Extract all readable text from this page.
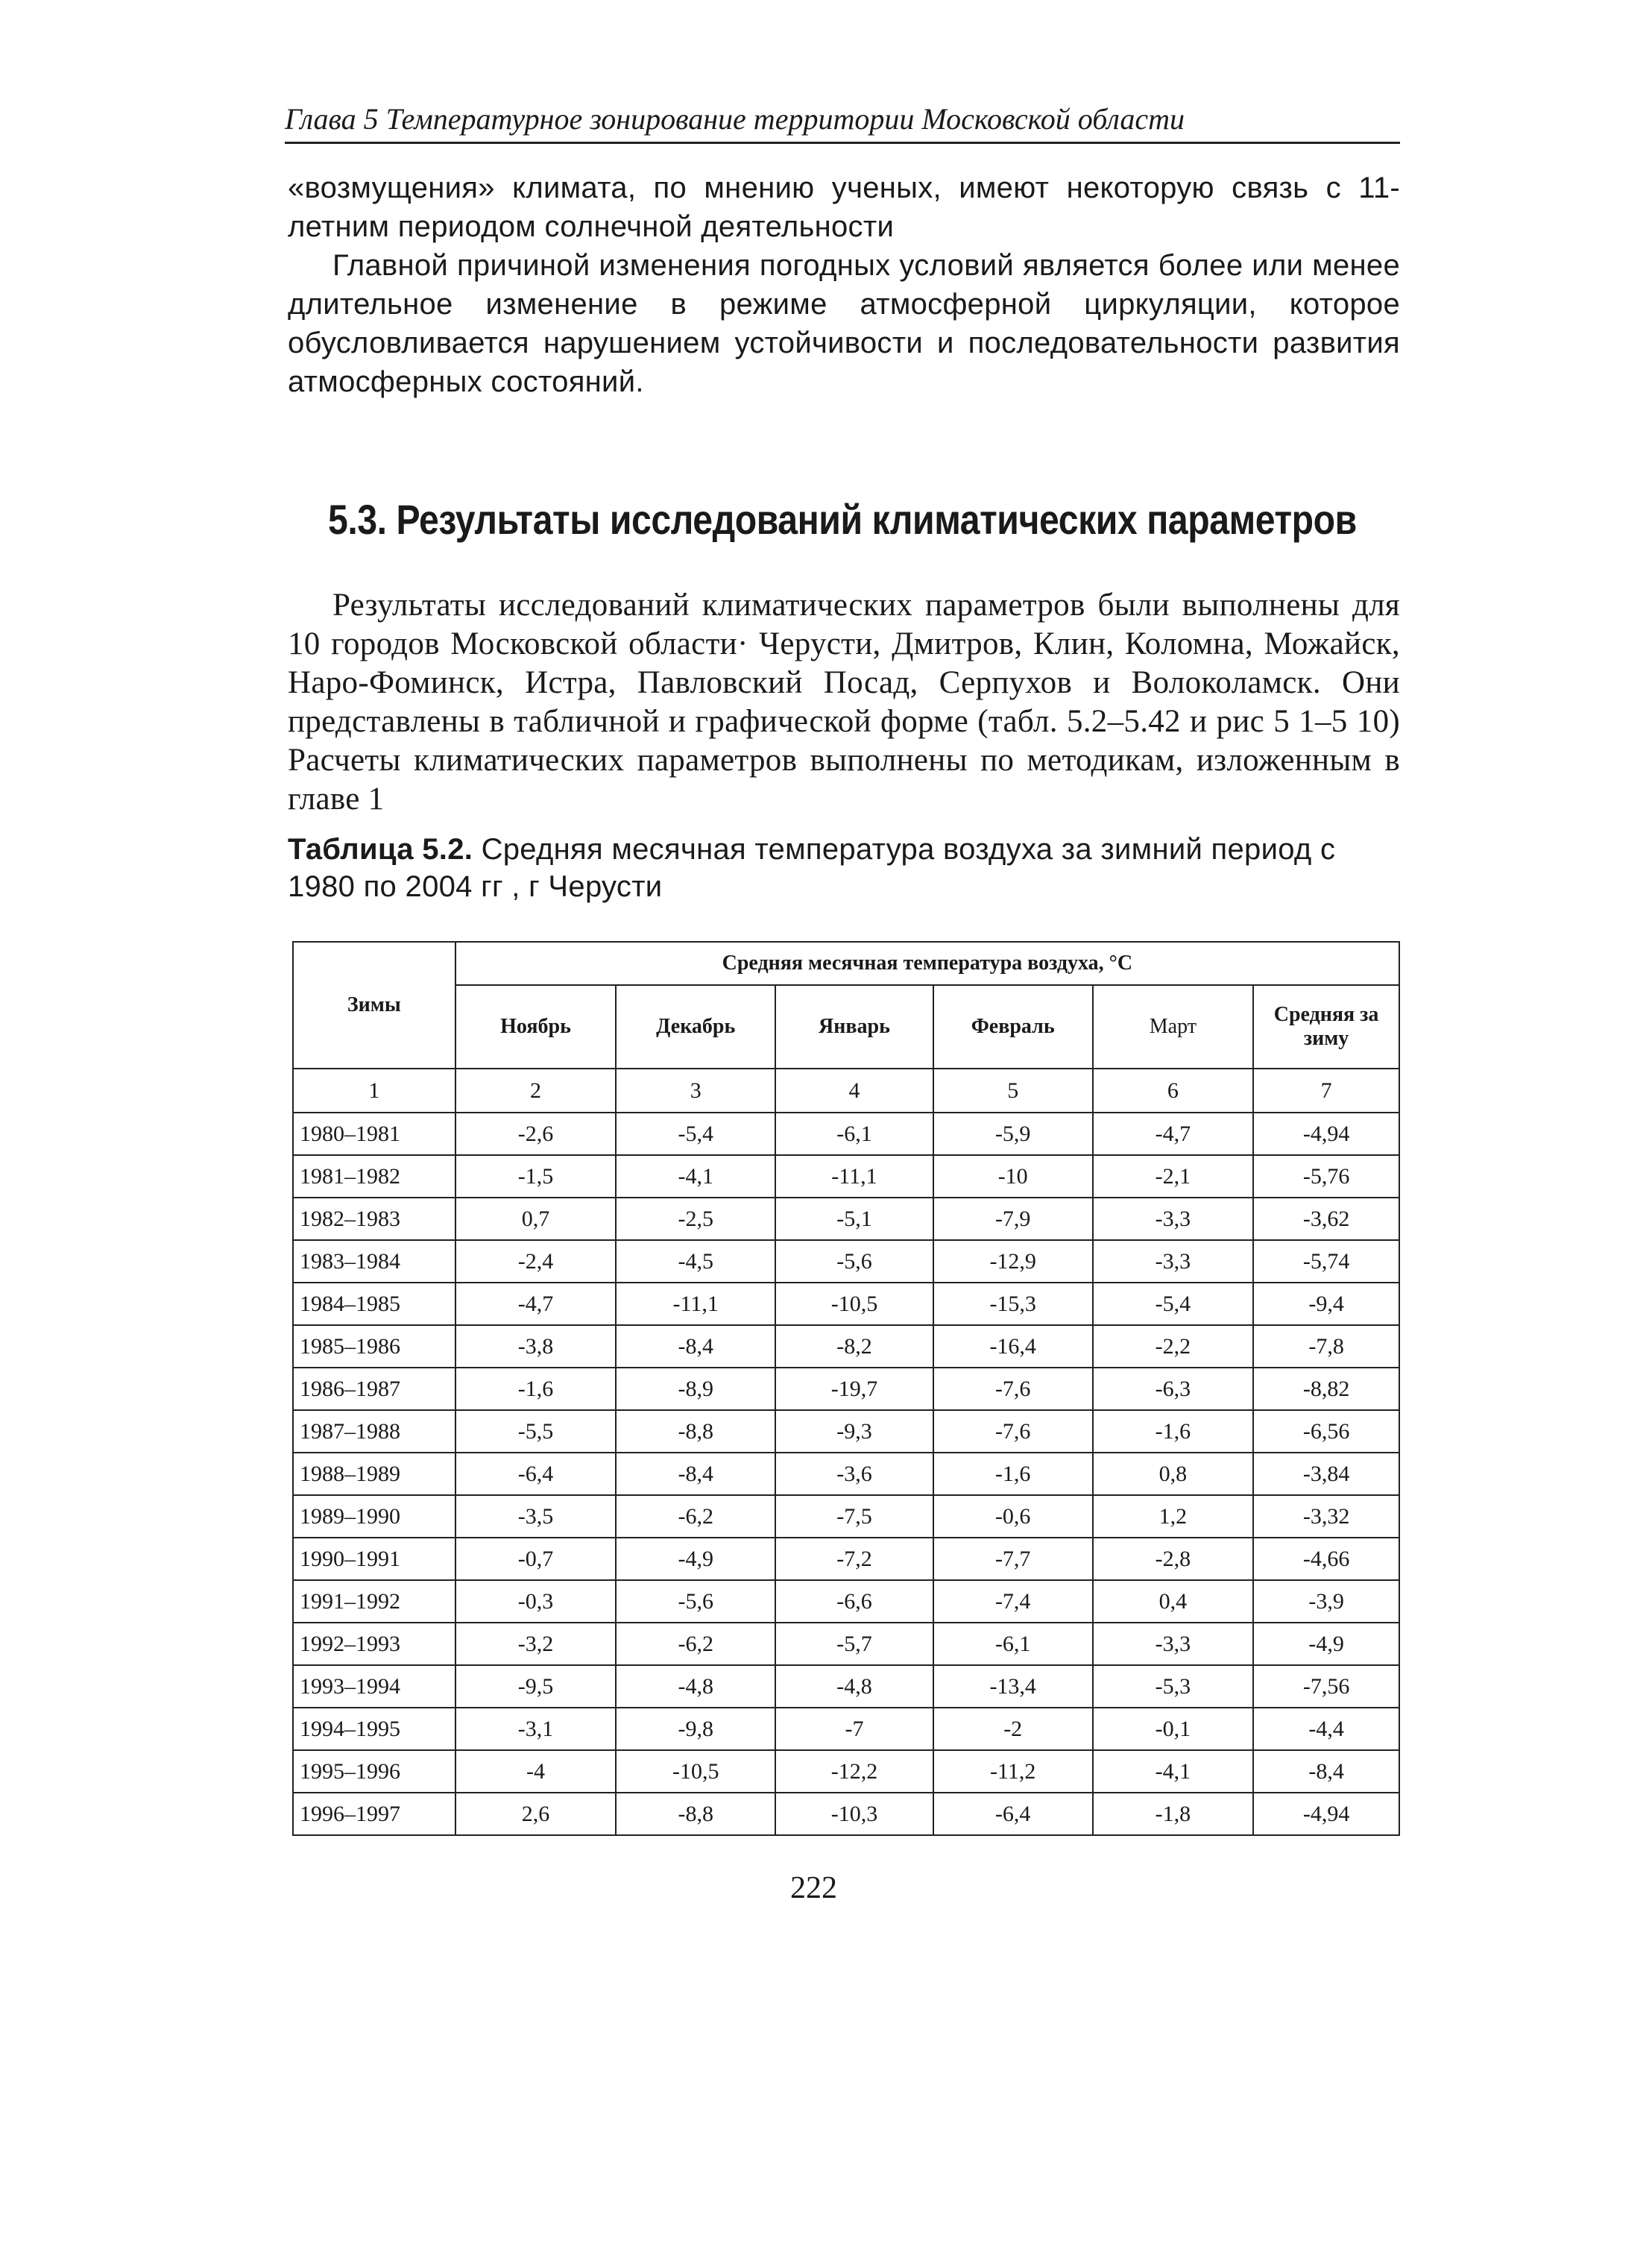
Глава 5 Температурное зонирование территории Московской области

«возмущения» климата, по мнению ученых, имеют некоторую связь с 11-летним периодом солнечной деятельности

Главной причиной изменения погодных условий является более или менее длительное изменение в режиме атмосферной циркуляции, которое обусловливается нарушением устойчивости и последовательности развития атмосферных состояний.

5.3. Результаты исследований климатических параметров

Результаты исследований климатических параметров были выполнены для 10 городов Московской области· Черусти, Дмитров, Клин, Коломна, Можайск, Наро-Фоминск, Истра, Павловский Посад, Серпухов и Волоколамск. Они представлены в табличной и графической форме (табл. 5.2–5.42 и рис 5 1–5 10) Расчеты климатических параметров выполнены по методикам, изложенным в главе 1

Таблица 5.2. Средняя месячная температура воздуха за зимний период с 1980 по 2004 гг , г Черусти
Зимы	Средняя месячная температура воздуха, °С					
	Ноябрь	Декабрь	Январь	Февраль	Март	Средняя за зиму
1	2	3	4	5	6	7
1980–1981	-2,6	-5,4	-6,1	-5,9	-4,7	-4,94
1981–1982	-1,5	-4,1	-11,1	-10	-2,1	-5,76
1982–1983	0,7	-2,5	-5,1	-7,9	-3,3	-3,62
1983–1984	-2,4	-4,5	-5,6	-12,9	-3,3	-5,74
1984–1985	-4,7	-11,1	-10,5	-15,3	-5,4	-9,4
1985–1986	-3,8	-8,4	-8,2	-16,4	-2,2	-7,8
1986–1987	-1,6	-8,9	-19,7	-7,6	-6,3	-8,82
1987–1988	-5,5	-8,8	-9,3	-7,6	-1,6	-6,56
1988–1989	-6,4	-8,4	-3,6	-1,6	0,8	-3,84
1989–1990	-3,5	-6,2	-7,5	-0,6	1,2	-3,32
1990–1991	-0,7	-4,9	-7,2	-7,7	-2,8	-4,66
1991–1992	-0,3	-5,6	-6,6	-7,4	0,4	-3,9
1992–1993	-3,2	-6,2	-5,7	-6,1	-3,3	-4,9
1993–1994	-9,5	-4,8	-4,8	-13,4	-5,3	-7,56
1994–1995	-3,1	-9,8	-7	-2	-0,1	-4,4
1995–1996	-4	-10,5	-12,2	-11,2	-4,1	-8,4
1996–1997	2,6	-8,8	-10,3	-6,4	-1,8	-4,94
222
